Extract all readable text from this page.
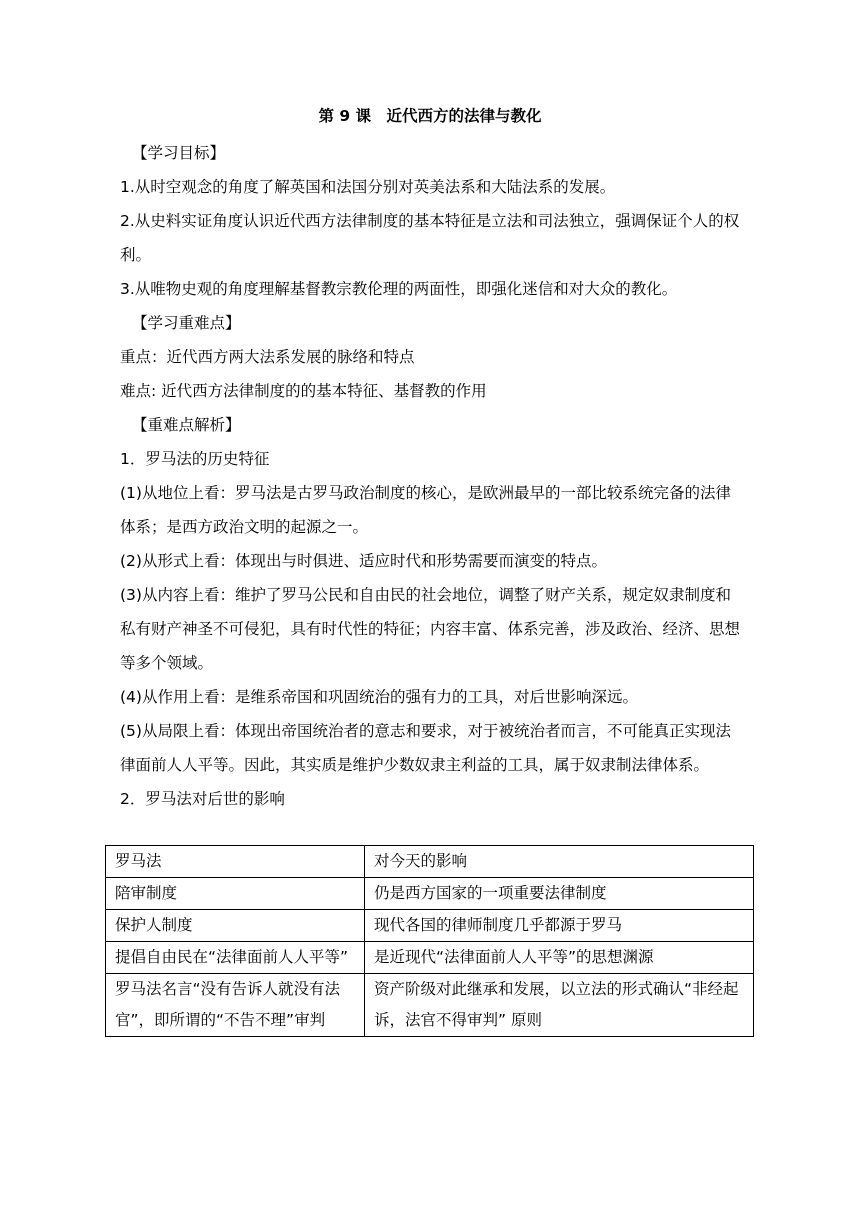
第 9 课　近代西方的法律与教化

【学习目标】

1.从时空观念的角度了解英国和法国分别对英美法系和大陆法系的发展。

2.从史料实证角度认识近代西方法律制度的基本特征是立法和司法独立，强调保证个人的权利。

3.从唯物史观的角度理解基督教宗教伦理的两面性，即强化迷信和对大众的教化。

【学习重难点】

重点：近代西方两大法系发展的脉络和特点

难点: 近代西方法律制度的的基本特征、基督教的作用

【重难点解析】

1．罗马法的历史特征

(1)从地位上看：罗马法是古罗马政治制度的核心，是欧洲最早的一部比较系统完备的法律体系；是西方政治文明的起源之一。

(2)从形式上看：体现出与时俱进、适应时代和形势需要而演变的特点。

(3)从内容上看：维护了罗马公民和自由民的社会地位，调整了财产关系，规定奴隶制度和私有财产神圣不可侵犯，具有时代性的特征；内容丰富、体系完善，涉及政治、经济、思想等多个领域。

(4)从作用上看：是维系帝国和巩固统治的强有力的工具，对后世影响深远。

(5)从局限上看：体现出帝国统治者的意志和要求，对于被统治者而言，不可能真正实现法律面前人人平等。因此，其实质是维护少数奴隶主利益的工具，属于奴隶制法律体系。

2．罗马法对后世的影响

罗马法	对今天的影响
陪审制度	仍是西方国家的一项重要法律制度
保护人制度	现代各国的律师制度几乎都源于罗马
提倡自由民在“法律面前人人平等”	是近现代“法律面前人人平等”的思想渊源
罗马法名言“没有告诉人就没有法官”，即所谓的“不告不理”审判	资产阶级对此继承和发展，以立法的形式确认“非经起诉，法官不得审判” 原则
